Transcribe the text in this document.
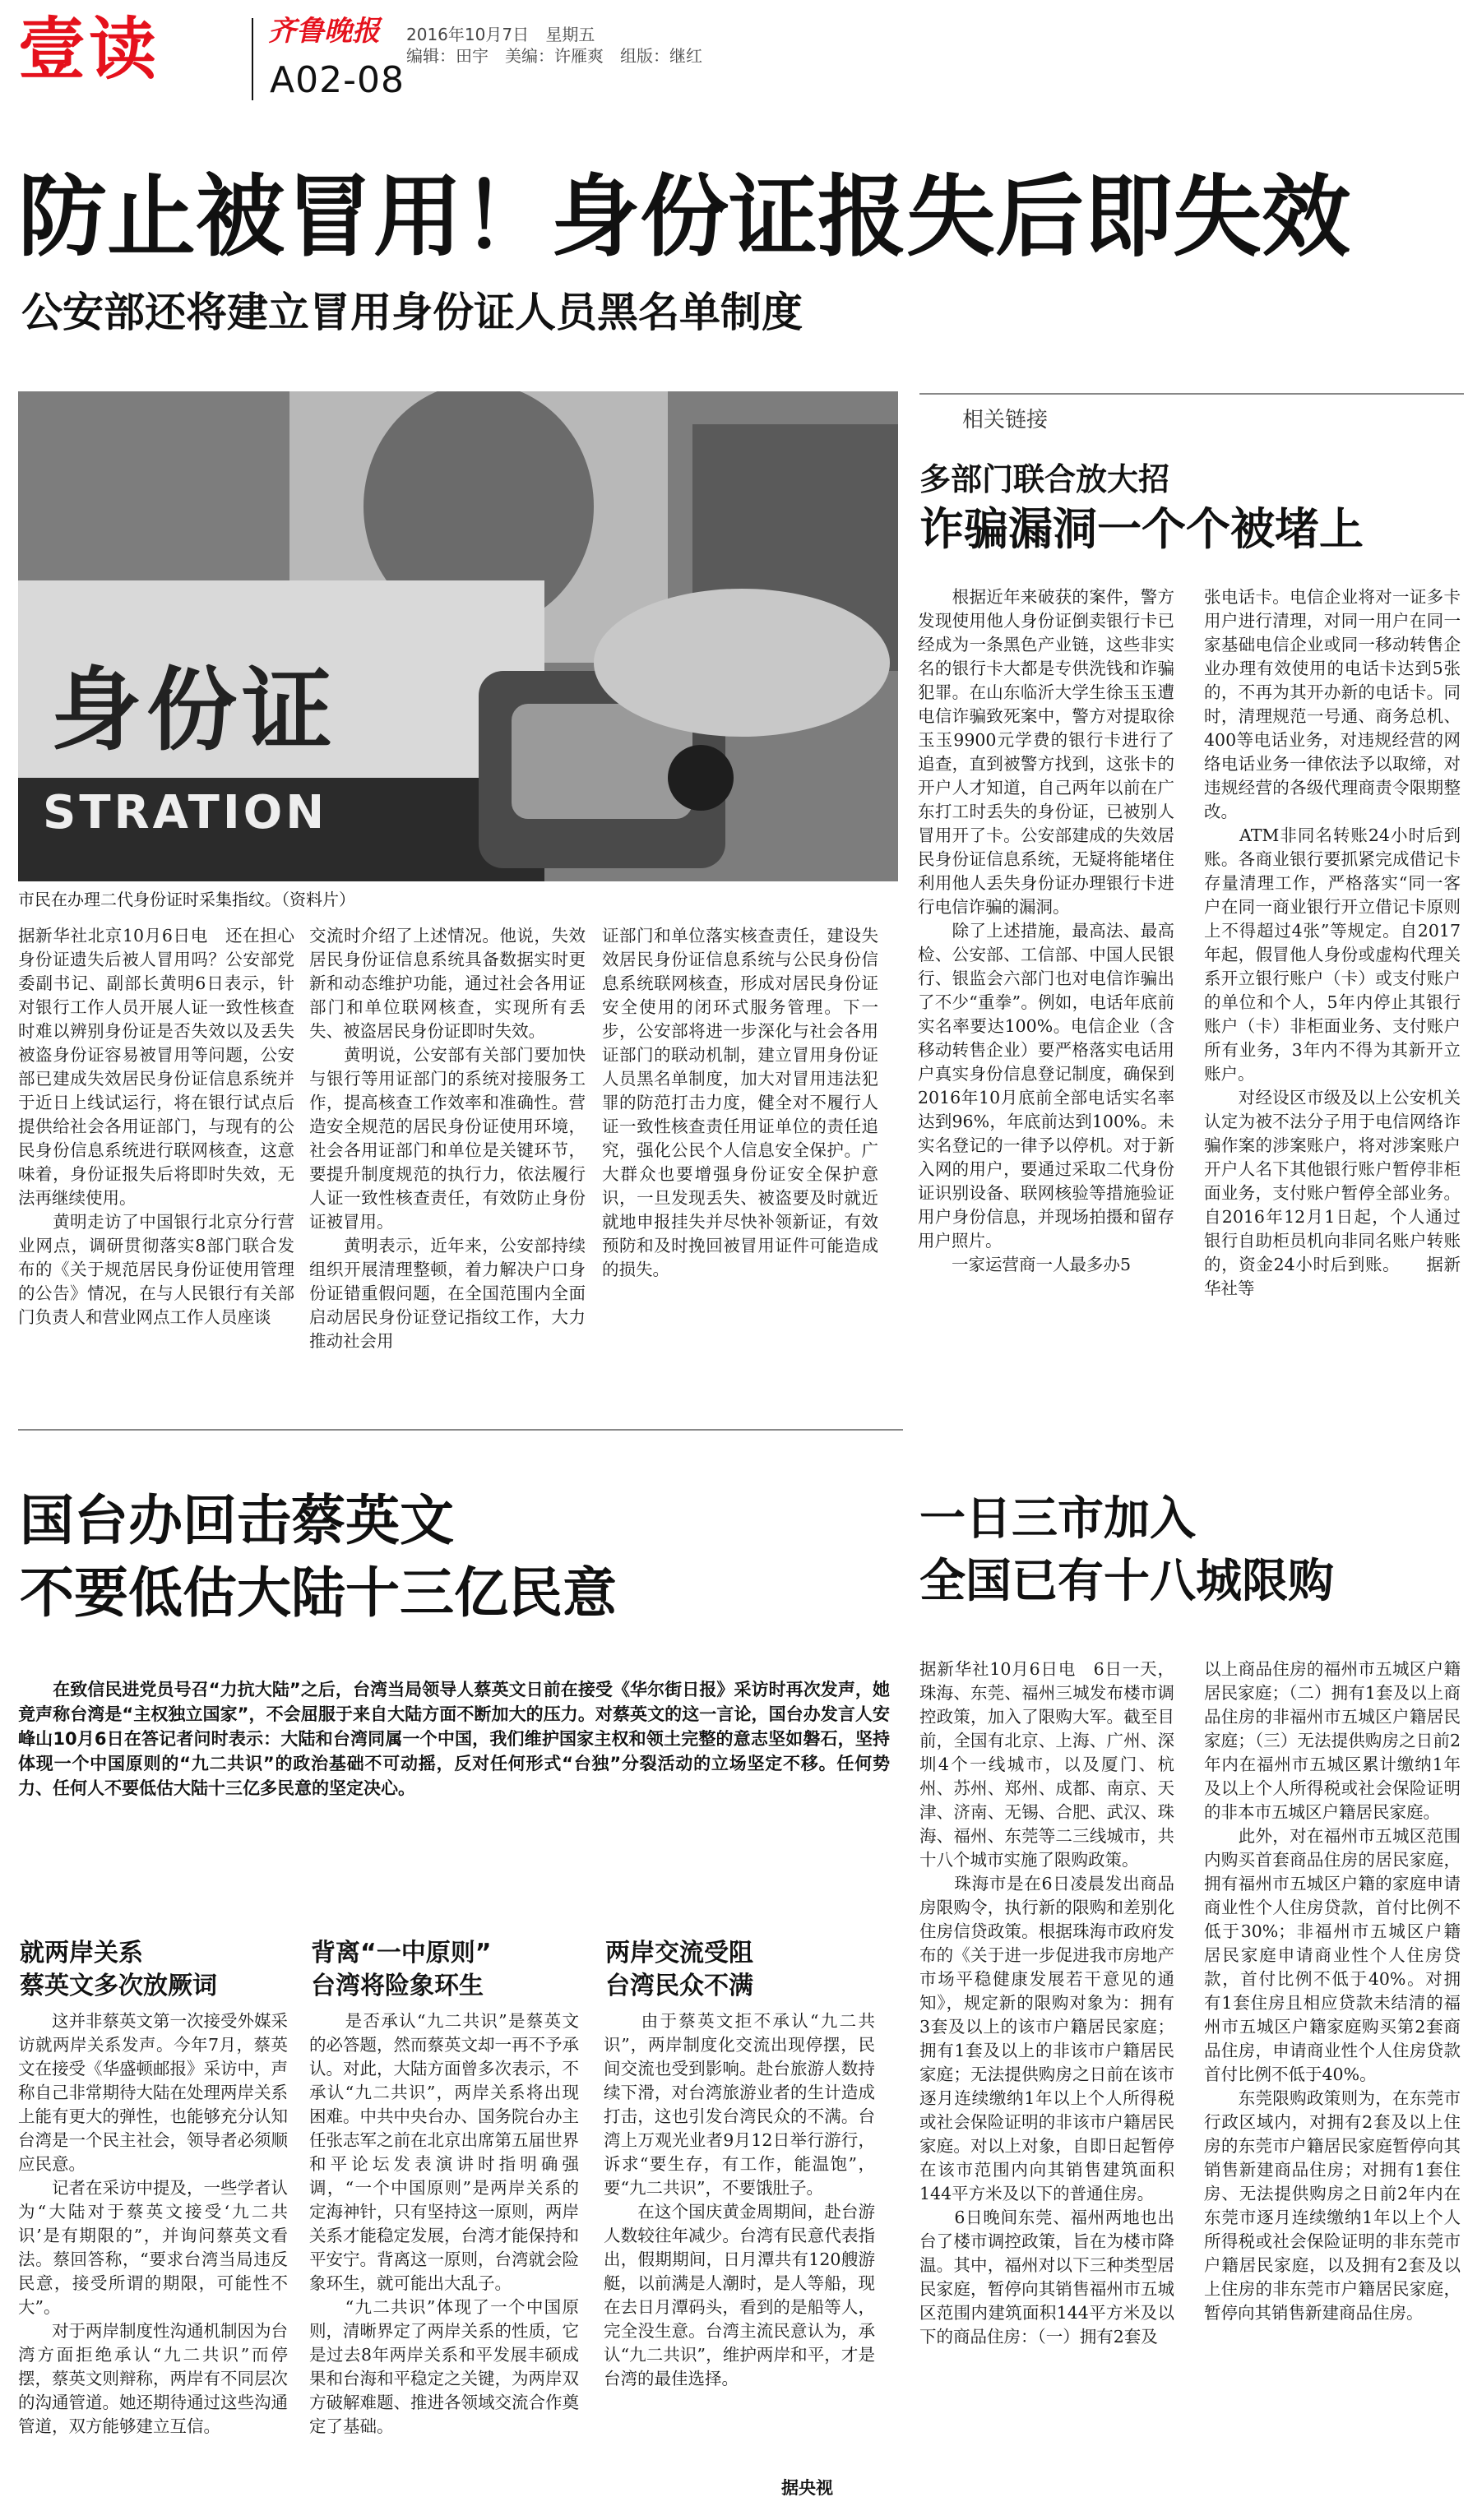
壹读	齐鲁晚报 2016年10月7日 星期五
编辑：田宇　美编：许雁爽　组版：继红
A02-08
防止被冒用！身份证报失后即失效
公安部还将建立冒用身份证人员黑名单制度
身份证
STRATION
市民在办理二代身份证时采集指纹。（资料片）
据新华社北京10月6日电　还在担心身份证遗失后被人冒用吗？公安部党委副书记、副部长黄明6日表示，针对银行工作人员开展人证一致性核查时难以辨别身份证是否失效以及丢失被盗身份证容易被冒用等问题，公安部已建成失效居民身份证信息系统并于近日上线试运行，将在银行试点后提供给社会各用证部门，与现有的公民身份信息系统进行联网核查，这意味着，身份证报失后将即时失效，无法再继续使用。
　　黄明走访了中国银行北京分行营业网点，调研贯彻落实8部门联合发布的《关于规范居民身份证使用管理的公告》情况，在与人民银行有关部门负责人和营业网点工作人员座谈
交流时介绍了上述情况。他说，失效居民身份证信息系统具备数据实时更新和动态维护功能，通过社会各用证部门和单位联网核查，实现所有丢失、被盗居民身份证即时失效。
　　黄明说，公安部有关部门要加快与银行等用证部门的系统对接服务工作，提高核查工作效率和准确性。营造安全规范的居民身份证使用环境，社会各用证部门和单位是关键环节，要提升制度规范的执行力，依法履行人证一致性核查责任，有效防止身份证被冒用。
　　黄明表示，近年来，公安部持续组织开展清理整顿，着力解决户口身份证错重假问题，在全国范围内全面启动居民身份证登记指纹工作，大力推动社会用
证部门和单位落实核查责任，建设失效居民身份证信息系统与公民身份信息系统联网核查，形成对居民身份证安全使用的闭环式服务管理。下一步，公安部将进一步深化与社会各用证部门的联动机制，建立冒用身份证人员黑名单制度，加大对冒用违法犯罪的防范打击力度，健全对不履行人证一致性核查责任用证单位的责任追究，强化公民个人信息安全保护。广大群众也要增强身份证安全保护意识，一旦发现丢失、被盗要及时就近就地申报挂失并尽快补领新证，有效预防和及时挽回被冒用证件可能造成的损失。
相关链接
多部门联合放大招
诈骗漏洞一个个被堵上
　　根据近年来破获的案件，警方发现使用他人身份证倒卖银行卡已经成为一条黑色产业链，这些非实名的银行卡大都是专供洗钱和诈骗犯罪。在山东临沂大学生徐玉玉遭电信诈骗致死案中，警方对提取徐玉玉9900元学费的银行卡进行了追查，直到被警方找到，这张卡的开户人才知道，自己两年以前在广东打工时丢失的身份证，已被别人冒用开了卡。公安部建成的失效居民身份证信息系统，无疑将能堵住利用他人丢失身份证办理银行卡进行电信诈骗的漏洞。
　　除了上述措施，最高法、最高检、公安部、工信部、中国人民银行、银监会六部门也对电信诈骗出了不少“重拳”。例如，电话年底前实名率要达100%。电信企业（含移动转售企业）要严格落实电话用户真实身份信息登记制度，确保到2016年10月底前全部电话实名率达到96%，年底前达到100%。未实名登记的一律予以停机。对于新入网的用户，要通过采取二代身份证识别设备、联网核验等措施验证用户身份信息，并现场拍摄和留存用户照片。
　　一家运营商一人最多办5
张电话卡。电信企业将对一证多卡用户进行清理，对同一用户在同一家基础电信企业或同一移动转售企业办理有效使用的电话卡达到5张的，不再为其开办新的电话卡。同时，清理规范一号通、商务总机、400等电话业务，对违规经营的网络电话业务一律依法予以取缔，对违规经营的各级代理商责令限期整改。
　　ATM非同名转账24小时后到账。各商业银行要抓紧完成借记卡存量清理工作，严格落实“同一客户在同一商业银行开立借记卡原则上不得超过4张”等规定。自2017年起，假冒他人身份或虚构代理关系开立银行账户（卡）或支付账户的单位和个人，5年内停止其银行账户（卡）非柜面业务、支付账户所有业务，3年内不得为其新开立账户。
　　对经设区市级及以上公安机关认定为被不法分子用于电信网络诈骗作案的涉案账户，将对涉案账户开户人名下其他银行账户暂停非柜面业务，支付账户暂停全部业务。自2016年12月1日起，个人通过银行自助柜员机向非同名账户转账的，资金24小时后到账。　　据新华社等
国台办回击蔡英文
不要低估大陆十三亿民意
　　在致信民进党员号召“力抗大陆”之后，台湾当局领导人蔡英文日前在接受《华尔街日报》采访时再次发声，她竟声称台湾是“主权独立国家”，不会屈服于来自大陆方面不断加大的压力。对蔡英文的这一言论，国台办发言人安峰山10月6日在答记者问时表示：大陆和台湾同属一个中国，我们维护国家主权和领土完整的意志坚如磐石，坚持体现一个中国原则的“九二共识”的政治基础不可动摇，反对任何形式“台独”分裂活动的立场坚定不移。任何势力、任何人不要低估大陆十三亿多民意的坚定决心。
就两岸关系
蔡英文多次放厥词
　　这并非蔡英文第一次接受外媒采访就两岸关系发声。今年7月，蔡英文在接受《华盛顿邮报》采访中，声称自己非常期待大陆在处理两岸关系上能有更大的弹性，也能够充分认知台湾是一个民主社会，领导者必须顺应民意。
　　记者在采访中提及，一些学者认为“大陆对于蔡英文接受‘九二共识’是有期限的”，并询问蔡英文看法。蔡回答称，“要求台湾当局违反民意，接受所谓的期限，可能性不大”。
　　对于两岸制度性沟通机制因为台湾方面拒绝承认“九二共识”而停摆，蔡英文则辩称，两岸有不同层次的沟通管道。她还期待通过这些沟通管道，双方能够建立互信。
背离“一中原则”
台湾将险象环生
　　是否承认“九二共识”是蔡英文的必答题，然而蔡英文却一再不予承认。对此，大陆方面曾多次表示，不承认“九二共识”，两岸关系将出现困难。中共中央台办、国务院台办主任张志军之前在北京出席第五届世界和平论坛发表演讲时指明确强调，“一个中国原则”是两岸关系的定海神针，只有坚持这一原则，两岸关系才能稳定发展，台湾才能保持和平安宁。背离这一原则，台湾就会险象环生，就可能出大乱子。
　　“九二共识”体现了一个中国原则，清晰界定了两岸关系的性质，它是过去8年两岸关系和平发展丰硕成果和台海和平稳定之关键，为两岸双方破解难题、推进各领域交流合作奠定了基础。
两岸交流受阻
台湾民众不满
　　由于蔡英文拒不承认“九二共识”，两岸制度化交流出现停摆，民间交流也受到影响。赴台旅游人数持续下滑，对台湾旅游业者的生计造成打击，这也引发台湾民众的不满。台湾上万观光业者9月12日举行游行，诉求“要生存，有工作，能温饱”，要“九二共识”，不要饿肚子。
　　在这个国庆黄金周期间，赴台游人数较往年减少。台湾有民意代表指出，假期期间，日月潭共有120艘游艇，以前满是人潮时，是人等船，现在去日月潭码头，看到的是船等人，完全没生意。台湾主流民意认为，承认“九二共识”，维护两岸和平，才是台湾的最佳选择。
据央视
一日三市加入
全国已有十八城限购
据新华社10月6日电　6日一天，珠海、东莞、福州三城发布楼市调控政策，加入了限购大军。截至目前，全国有北京、上海、广州、深圳4个一线城市，以及厦门、杭州、苏州、郑州、成都、南京、天津、济南、无锡、合肥、武汉、珠海、福州、东莞等二三线城市，共十八个城市实施了限购政策。
　　珠海市是在6日凌晨发出商品房限购令，执行新的限购和差别化住房信贷政策。根据珠海市政府发布的《关于进一步促进我市房地产市场平稳健康发展若干意见的通知》，规定新的限购对象为：拥有3套及以上的该市户籍居民家庭；拥有1套及以上的非该市户籍居民家庭；无法提供购房之日前在该市逐月连续缴纳1年以上个人所得税或社会保险证明的非该市户籍居民家庭。对以上对象，自即日起暂停在该市范围内向其销售建筑面积144平方米及以下的普通住房。
　　6日晚间东莞、福州两地也出台了楼市调控政策，旨在为楼市降温。其中，福州对以下三种类型居民家庭，暂停向其销售福州市五城区范围内建筑面积144平方米及以下的商品住房：（一）拥有2套及
以上商品住房的福州市五城区户籍居民家庭；（二）拥有1套及以上商品住房的非福州市五城区户籍居民家庭；（三）无法提供购房之日前2年内在福州市五城区累计缴纳1年及以上个人所得税或社会保险证明的非本市五城区户籍居民家庭。
　　此外，对在福州市五城区范围内购买首套商品住房的居民家庭，拥有福州市五城区户籍的家庭申请商业性个人住房贷款，首付比例不低于30%；非福州市五城区户籍居民家庭申请商业性个人住房贷款，首付比例不低于40%。对拥有1套住房且相应贷款未结清的福州市五城区户籍家庭购买第2套商品住房，申请商业性个人住房贷款首付比例不低于40%。
　　东莞限购政策则为，在东莞市行政区域内，对拥有2套及以上住房的东莞市户籍居民家庭暂停向其销售新建商品住房；对拥有1套住房、无法提供购房之日前2年内在东莞市逐月连续缴纳1年以上个人所得税或社会保险证明的非东莞市户籍居民家庭，以及拥有2套及以上住房的非东莞市户籍居民家庭，暂停向其销售新建商品住房。
